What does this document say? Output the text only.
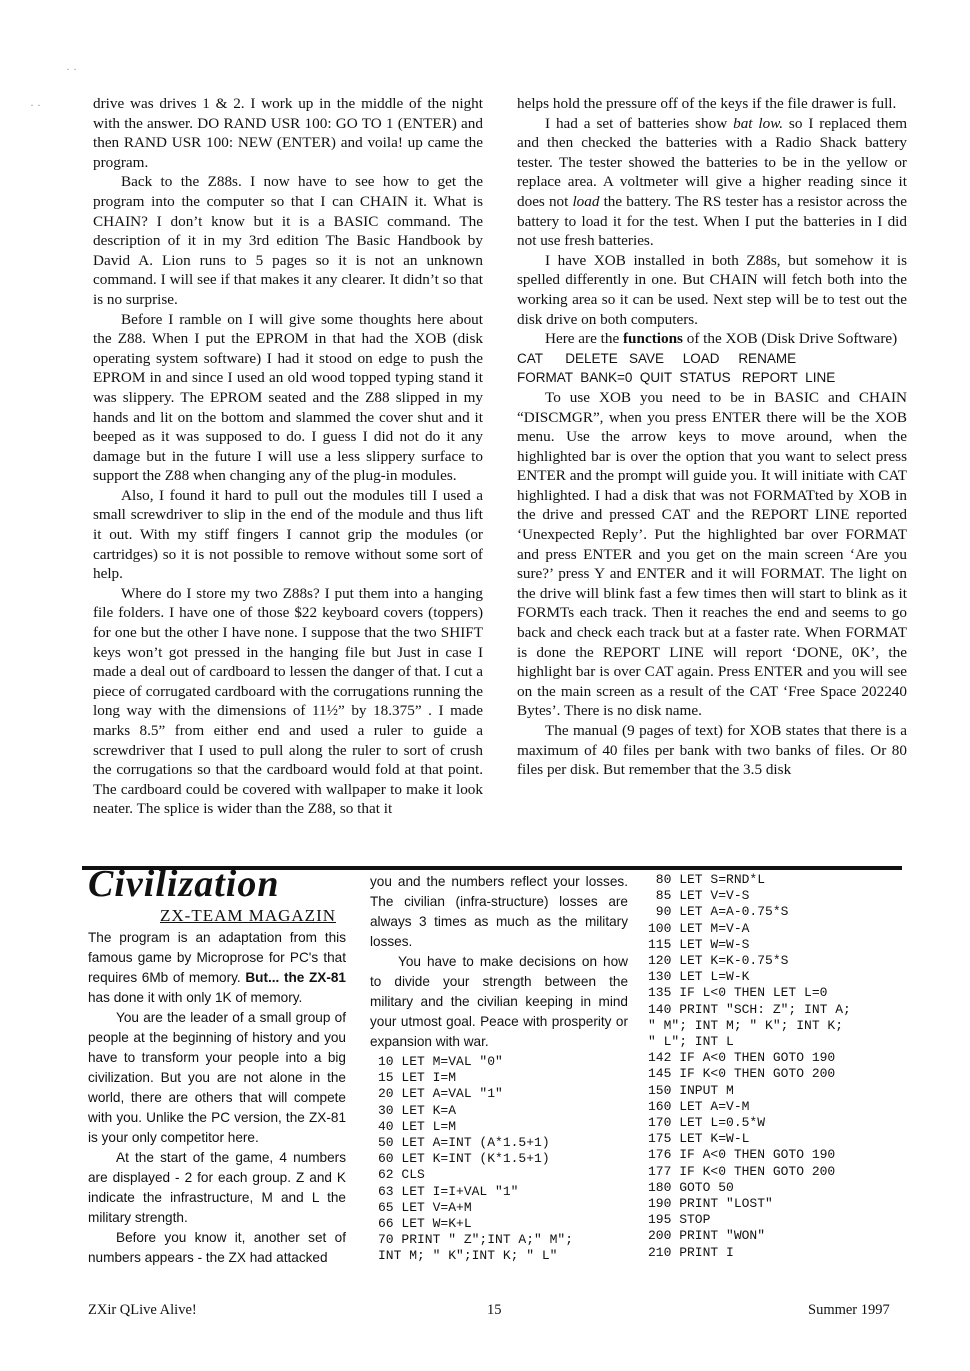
· ·
· ·	drive was drives 1 & 2. I work up in the middle of the night with the answer. DO RAND USR 100: GO TO 1 (ENTER) and then RAND USR 100: NEW (ENTER) and voila! up came the program.

Back to the Z88s. I now have to see how to get the program into the computer so that I can CHAIN it. What is CHAIN? I don’t know but it is a BASIC command. The description of it in my 3rd edition The Basic Handbook by David A. Lion runs to 5 pages so it is not an unknown command. I will see if that makes it any clearer. It didn’t so that is no surprise.

Before I ramble on I will give some thoughts here about the Z88. When I put the EPROM in that had the XOB (disk operating system software) I had it stood on edge to push the EPROM in and since I used an old wood topped typing stand it was slippery. The EPROM seated and the Z88 slipped in my hands and lit on the bottom and slammed the cover shut and it beeped as it was supposed to do. I guess I did not do it any damage but in the future I will use a less slippery surface to support the Z88 when changing any of the plug-in modules.

Also, I found it hard to pull out the modules till I used a small screwdriver to slip in the end of the module and thus lift it out. With my stiff fingers I cannot grip the modules (or cartridges) so it is not possible to remove without some sort of help.

Where do I store my two Z88s? I put them into a hanging file folders. I have one of those $22 keyboard covers (toppers) for one but the other I have none. I suppose that the two SHIFT keys won’t got pressed in the hanging file but Just in case I made a deal out of cardboard to lessen the danger of that. I cut a piece of corrugated cardboard with the corrugations running the long way with the dimensions of 11½” by 18.375” . I made marks 8.5” from either end and used a ruler to guide a screwdriver that I used to pull along the ruler to sort of crush the corrugations so that the cardboard would fold at that point. The cardboard could be covered with wallpaper to make it look neater. The splice is wider than the Z88, so that it

helps hold the pressure off of the keys if the file drawer is full.

I had a set of batteries show bat low. so I replaced them and then checked the batteries with a Radio Shack battery tester. The tester showed the batteries to be in the yellow or replace area. A voltmeter will give a higher reading since it does not load the battery. The RS tester has a resistor across the battery to load it for the test. When I put the batteries in I did not use fresh batteries.

I have XOB installed in both Z88s, but somehow it is spelled differently in one. But CHAIN will fetch both into the working area so it can be used. Next step will be to test out the disk drive on both computers.

Here are the functions of the XOB (Disk Drive Software)

CAT      DELETE   SAVE     LOAD     RENAME

FORMAT  BANK=0  QUIT  STATUS   REPORT  LINE

To use XOB you need to be in BASIC and CHAIN “DISCMGR”, when you press ENTER there will be the XOB menu. Use the arrow keys to move around, when the highlighted bar is over the option that you want to select press ENTER and the prompt will guide you. It will initiate with CAT highlighted. I had a disk that was not FORMATted by XOB in the drive and pressed CAT and the REPORT LINE reported ‘Unexpected Reply’. Put the highlighted bar over FORMAT and press ENTER and you get on the main screen ‘Are you sure?’ press Y and ENTER and it will FORMAT. The light on the drive will blink fast a few times then will start to blink as it FORMTs each track. Then it reaches the end and seems to go back and check each track but at a faster rate. When FORMAT is done the REPORT LINE will report ‘DONE, 0K’, the highlight bar is over CAT again. Press ENTER and you will see on the main screen as a result of the CAT ‘Free Space 202240 Bytes’. There is no disk name.

The manual (9 pages of text) for XOB states that there is a maximum of 40 files per bank with two banks of files. Or 80 files per disk. But remember that the 3.5 disk

Civilization
ZX-TEAM MAGAZIN

The program is an adaptation from this famous game by Microprose for PC's that requires 6Mb of memory. But... the ZX-81 has done it with only 1K of memory.

You are the leader of a small group of people at the beginning of history and you have to transform your people into a big civilization. But you are not alone in the world, there are others that will compete with you. Unlike the PC version, the ZX-81 is your only competitor here.

At the start of the game, 4 numbers are displayed - 2 for each group. Z and K indicate the infrastructure, M and L the military strength.

Before you know it, another set of numbers appears - the ZX had attacked

you and the numbers reflect your losses. The civilian (infra-structure) losses are always 3 times as much as the military losses.

You have to make decisions on how to divide your strength between the military and the civilian keeping in mind your utmost goal. Peace with prosperity or expansion with war.

10 LET M=VAL "0"

15 LET I=M

20 LET A=VAL "1"

30 LET K=A

40 LET L=M

50 LET A=INT (A*1.5+1)

60 LET K=INT (K*1.5+1)

62 CLS

63 LET I=I+VAL "1"

65 LET V=A+M

66 LET W=K+L

70 PRINT " Z";INT A;" M";

INT M; " K";INT K; " L"

80 LET S=RND*L

85 LET V=V-S

90 LET A=A-0.75*S

100 LET M=V-A

115 LET W=W-S

120 LET K=K-0.75*S

130 LET L=W-K

135 IF L<0 THEN LET L=0

140 PRINT "SCH: Z"; INT A;

" M"; INT M; " K"; INT K;

" L"; INT L

142 IF A<0 THEN GOTO 190

145 IF K<0 THEN GOTO 200

150 INPUT M

160 LET A=V-M

170 LET L=0.5*W

175 LET K=W-L

176 IF A<0 THEN GOTO 190

177 IF K<0 THEN GOTO 200

180 GOTO 50

190 PRINT "LOST"

195 STOP

200 PRINT "WON"

210 PRINT I

ZXir QLive Alive!	15	Summer 1997
